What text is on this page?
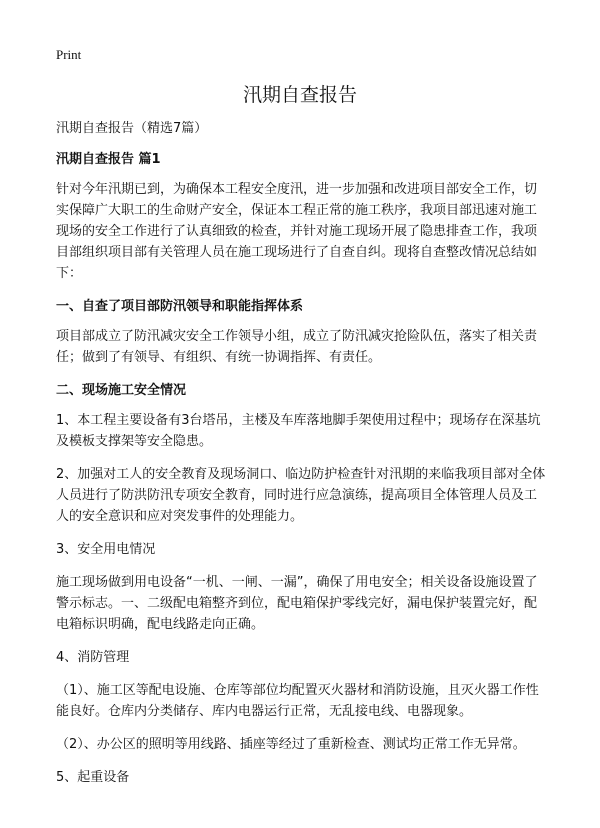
Print
汛期自查报告

汛期自查报告（精选7篇）

汛期自查报告 篇1

针对今年汛期已到，为确保本工程安全度汛，进一步加强和改进项目部安全工作，切实保障广大职工的生命财产安全，保证本工程正常的施工秩序，我项目部迅速对施工现场的安全工作进行了认真细致的检查，并针对施工现场开展了隐患排查工作，我项目部组织项目部有关管理人员在施工现场进行了自查自纠。现将自查整改情况总结如下：

一、自查了项目部防汛领导和职能指挥体系

项目部成立了防汛减灾安全工作领导小组，成立了防汛减灾抢险队伍，落实了相关责任；做到了有领导、有组织、有统一协调指挥、有责任。

二、现场施工安全情况

1、本工程主要设备有3台塔吊，主楼及车库落地脚手架使用过程中；现场存在深基坑及模板支撑架等安全隐患。

2、加强对工人的安全教育及现场洞口、临边防护检查针对汛期的来临我项目部对全体人员进行了防洪防汛专项安全教育，同时进行应急演练，提高项目全体管理人员及工人的安全意识和应对突发事件的处理能力。

3、安全用电情况

施工现场做到用电设备“一机、一闸、一漏”，确保了用电安全；相关设备设施设置了警示标志。一、二级配电箱整齐到位，配电箱保护零线完好，漏电保护装置完好，配电箱标识明确，配电线路走向正确。

4、消防管理

（1）、施工区等配电设施、仓库等部位均配置灭火器材和消防设施，且灭火器工作性能良好。仓库内分类储存、库内电器运行正常，无乱接电线、电器现象。

（2）、办公区的照明等用线路、插座等经过了重新检查、测试均正常工作无异常。

5、起重设备
